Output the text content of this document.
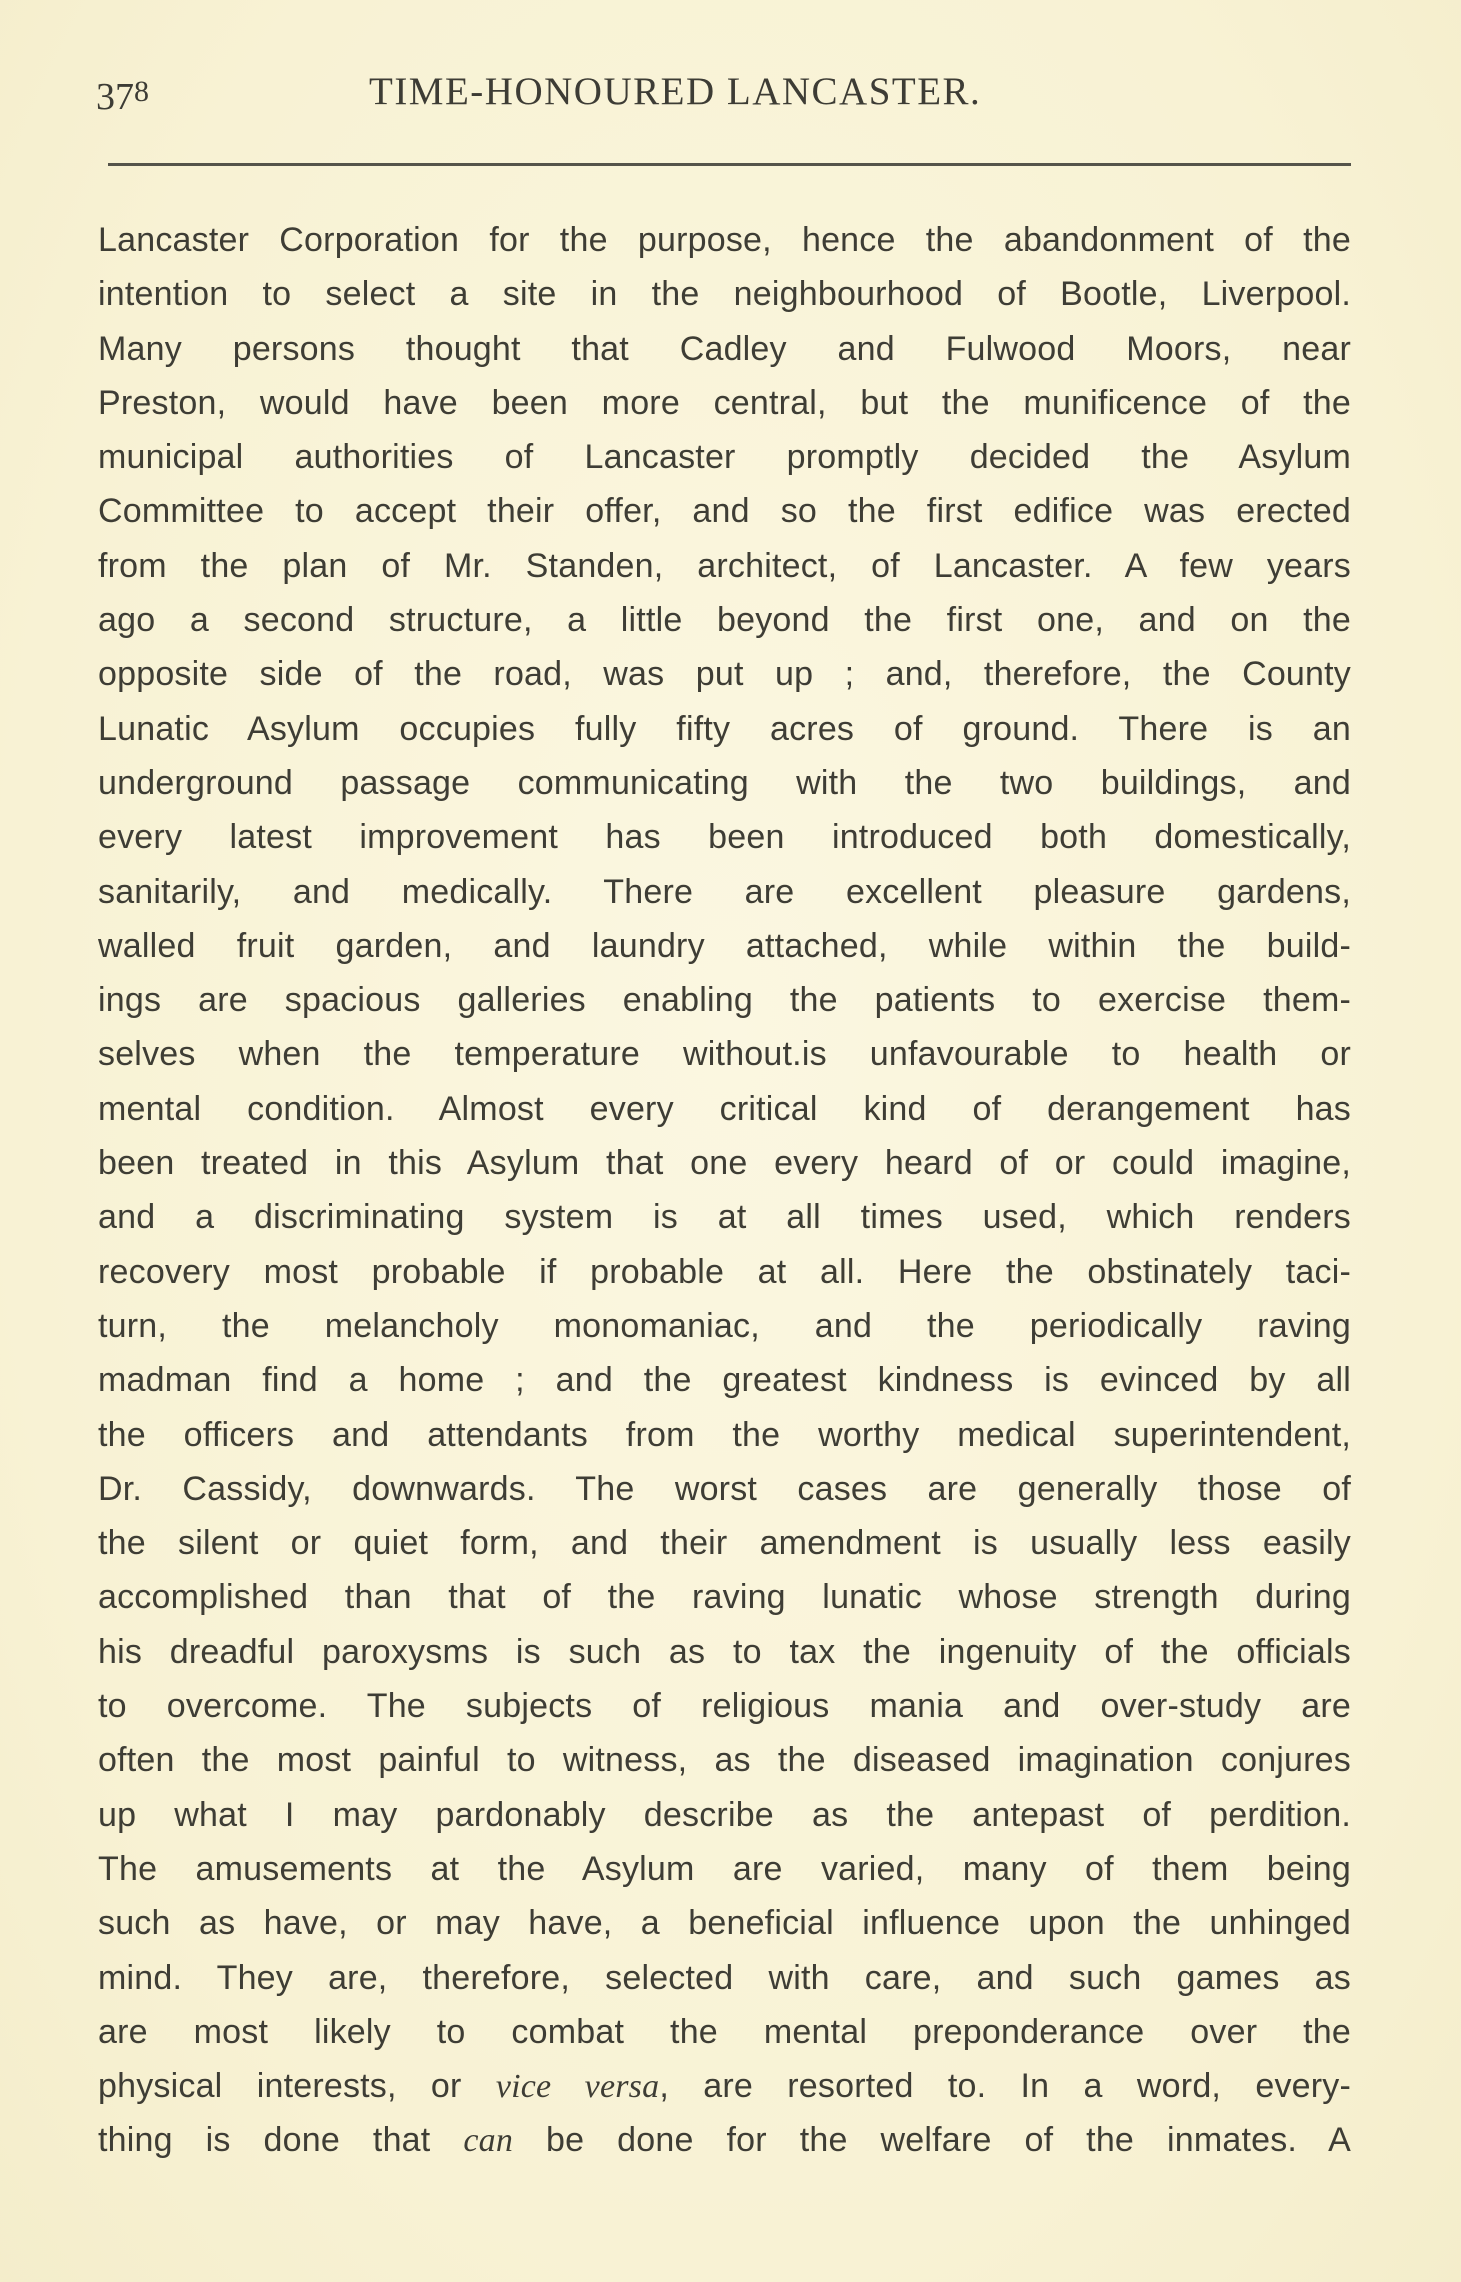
$37^8$	TIME-HONOURED LANCASTER.
Lancaster Corporation for the purpose, hence the abandonment of the
intention to select a site in the neighbourhood of Bootle, Liverpool.
Many persons thought that Cadley and Fulwood Moors, near
Preston, would have been more central, but the munificence of the
municipal authorities of Lancaster promptly decided the Asylum
Committee to accept their offer, and so the first edifice was erected
from the plan of Mr. Standen, architect, of Lancaster. A few years
ago a second structure, a little beyond the first one, and on the
opposite side of the road, was put up ; and, therefore, the County
Lunatic Asylum occupies fully fifty acres of ground. There is an
underground passage communicating with the two buildings, and
every latest improvement has been introduced both domestically,
sanitarily, and medically. There are excellent pleasure gardens,
walled fruit garden, and laundry attached, while within the build-
ings are spacious galleries enabling the patients to exercise them-
selves when the temperature without.is unfavourable to health or
mental condition. Almost every critical kind of derangement has
been treated in this Asylum that one every heard of or could imagine,
and a discriminating system is at all times used, which renders
recovery most probable if probable at all. Here the obstinately taci-
turn, the melancholy monomaniac, and the periodically raving
madman find a home ; and the greatest kindness is evinced by all
the officers and attendants from the worthy medical superintendent,
Dr. Cassidy, downwards. The worst cases are generally those of
the silent or quiet form, and their amendment is usually less easily
accomplished than that of the raving lunatic whose strength during
his dreadful paroxysms is such as to tax the ingenuity of the officials
to overcome. The subjects of religious mania and over-study are
often the most painful to witness, as the diseased imagination conjures
up what I may pardonably describe as the antepast of perdition.
The amusements at the Asylum are varied, many of them being
such as have, or may have, a beneficial influence upon the unhinged
mind. They are, therefore, selected with care, and such games as
are most likely to combat the mental preponderance over the
physical interests, or vice versa, are resorted to. In a word, every-
thing is done that can be done for the welfare of the inmates. A
